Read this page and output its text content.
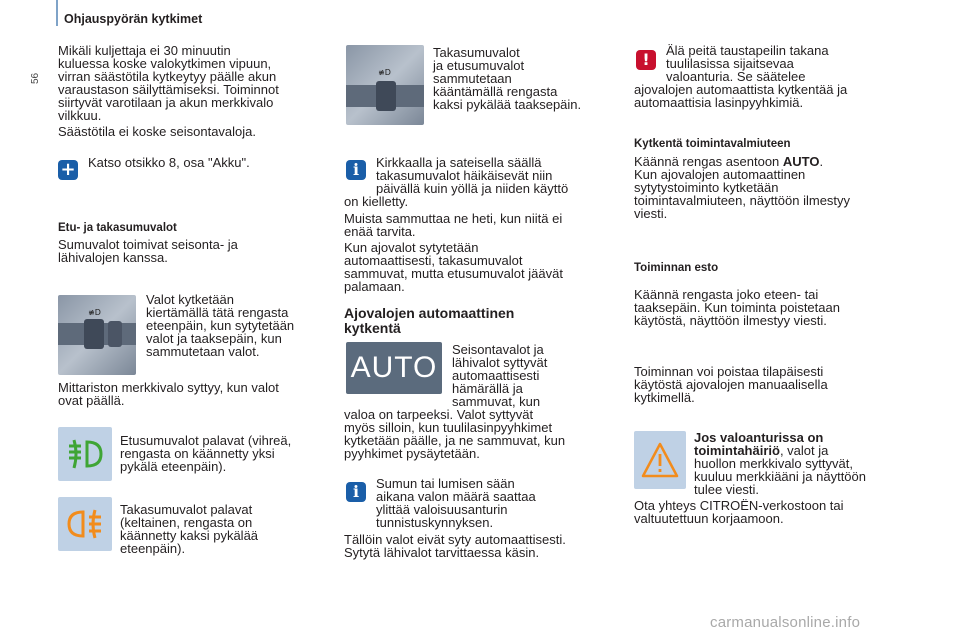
Ohjauspyörän kytkimet
56
Mikäli kuljettaja ei 30 minuutin
kuluessa koske valokytkimen vipuun,
virran säästötila kytkeytyy päälle akun
varaustason säilyttämiseksi. Toiminnot
siirtyvät varotilaan ja akun merkkivalo
vilkkuu.
Säästötila ei koske seisontavaloja.
+ Katso otsikko 8, osa "Akku".
Etu- ja takasumuvalot
Sumuvalot toimivat seisonta- ja
lähivalojen kanssa.
≢D
Valot kytketään
kiertämällä tätä rengasta
eteenpäin, kun sytytetään
valot ja taaksepäin, kun
sammutetaan valot.
Mittariston merkkivalo syttyy, kun valot
ovat päällä.
Etusumuvalot palavat (vihreä,
rengasta on käännetty yksi
pykälä eteenpäin).
Takasumuvalot palavat
(keltainen, rengasta on
käännetty kaksi pykälää
eteenpäin).
≢D
Takasumuvalot
ja etusumuvalot
sammutetaan
kääntämällä rengasta
kaksi pykälää taaksepäin.
i	Kirkkaalla ja sateisella säällä
takasumuvalot häikäisevät niin
päivällä kuin yöllä ja niiden käyttö
on kielletty.
Muista sammuttaa ne heti, kun niitä ei
enää tarvita.
Kun ajovalot sytytetään
automaattisesti, takasumuvalot
sammuvat, mutta etusumuvalot jäävät
palamaan.
Ajovalojen automaattinen
kytkentä
AUTO
Seisontavalot ja
lähivalot syttyvät
automaattisesti
hämärällä ja
sammuvat, kun
valoa on tarpeeksi. Valot syttyvät
myös silloin, kun tuulilasinpyyhkimet
kytketään päälle, ja ne sammuvat, kun
pyyhkimet pysäytetään.
i	Sumun tai lumisen sään
aikana valon määrä saattaa
ylittää valoisuusanturin
tunnistuskynnyksen.
Tällöin valot eivät syty automaattisesti.
Sytytä lähivalot tarvittaessa käsin.
!	Älä peitä taustapeilin takana
tuulilasissa sijaitsevaa
valoanturia. Se säätelee
ajovalojen automaattista kytkentää ja
automaattisia lasinpyyhkimiä.
Kytkentä toimintavalmiuteen
Käännä rengas asentoon AUTO.
Kun ajovalojen automaattinen
sytytystoiminto kytketään
toimintavalmiuteen, näyttöön ilmestyy
viesti.
Toiminnan esto
Käännä rengasta joko eteen- tai
taaksepäin. Kun toiminta poistetaan
käytöstä, näyttöön ilmestyy viesti.
Toiminnan voi poistaa tilapäisesti
käytöstä ajovalojen manuaalisella
kytkimellä.
Jos valoanturissa on
toimintahäiriö, valot ja
huollon merkkivalo syttyvät,
kuuluu merkkiääni ja näyttöön
tulee viesti.
Ota yhteys CITROËN-verkostoon tai
valtuutettuun korjaamoon.
carmanualsonline.info
